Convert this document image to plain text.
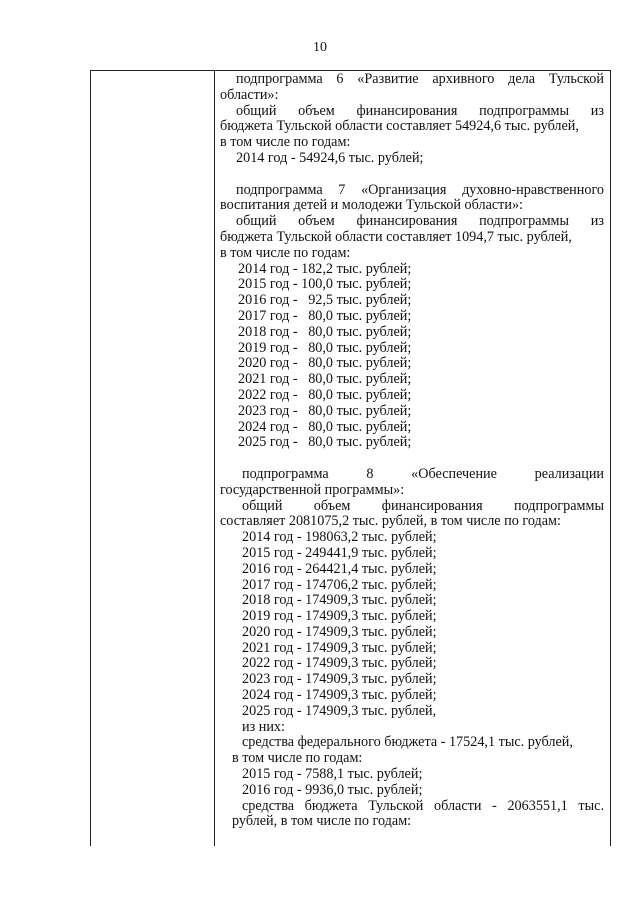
10
подпрограмма 6 «Развитие архивного дела Тульской
области»:
общий объем финансирования подпрограммы из
бюджета Тульской области составляет 54924,6 тыс. рублей,
в том числе по годам:
2014 год - 54924,6 тыс. рублей;
подпрограмма 7 «Организация духовно-нравственного
воспитания детей и молодежи Тульской области»:
общий объем финансирования подпрограммы из
бюджета Тульской области составляет 1094,7 тыс. рублей,
в том числе по годам:
2014 год - 182,2 тыс. рублей;
2015 год - 100,0 тыс. рублей;
2016 год -   92,5 тыс. рублей;
2017 год -   80,0 тыс. рублей;
2018 год -   80,0 тыс. рублей;
2019 год -   80,0 тыс. рублей;
2020 год -   80,0 тыс. рублей;
2021 год -   80,0 тыс. рублей;
2022 год -   80,0 тыс. рублей;
2023 год -   80,0 тыс. рублей;
2024 год -   80,0 тыс. рублей;
2025 год -   80,0 тыс. рублей;
подпрограмма 8 «Обеспечение реализации
государственной программы»:
общий объем финансирования подпрограммы
составляет 2081075,2 тыс. рублей, в том числе по годам:
2014 год - 198063,2 тыс. рублей;
2015 год - 249441,9 тыс. рублей;
2016 год - 264421,4 тыс. рублей;
2017 год - 174706,2 тыс. рублей;
2018 год - 174909,3 тыс. рублей;
2019 год - 174909,3 тыс. рублей;
2020 год - 174909,3 тыс. рублей;
2021 год - 174909,3 тыс. рублей;
2022 год - 174909,3 тыс. рублей;
2023 год - 174909,3 тыс. рублей;
2024 год - 174909,3 тыс. рублей;
2025 год - 174909,3 тыс. рублей,
из них:
средства федерального бюджета - 17524,1 тыс. рублей,
в том числе по годам:
2015 год - 7588,1 тыс. рублей;
2016 год - 9936,0 тыс. рублей;
средства бюджета Тульской области - 2063551,1 тыс.
рублей, в том числе по годам:
